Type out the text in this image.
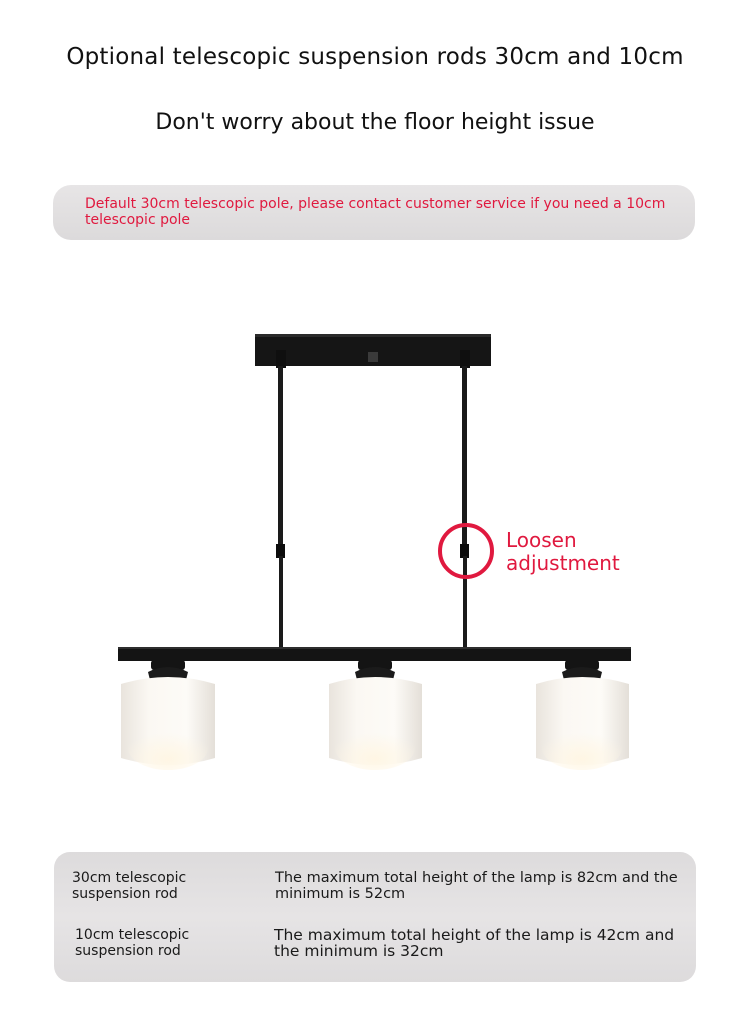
Optional telescopic suspension rods 30cm and 10cm
Don't worry about the floor height issue
Default 30cm telescopic pole, please contact customer service if you need a 10cm telescopic pole
Loosen
adjustment
30cm telescopic suspension rod
The maximum total height of the lamp is 82cm and the minimum is 52cm
10cm telescopic suspension rod
The maximum total height of the lamp is 42cm and the minimum is 32cm
